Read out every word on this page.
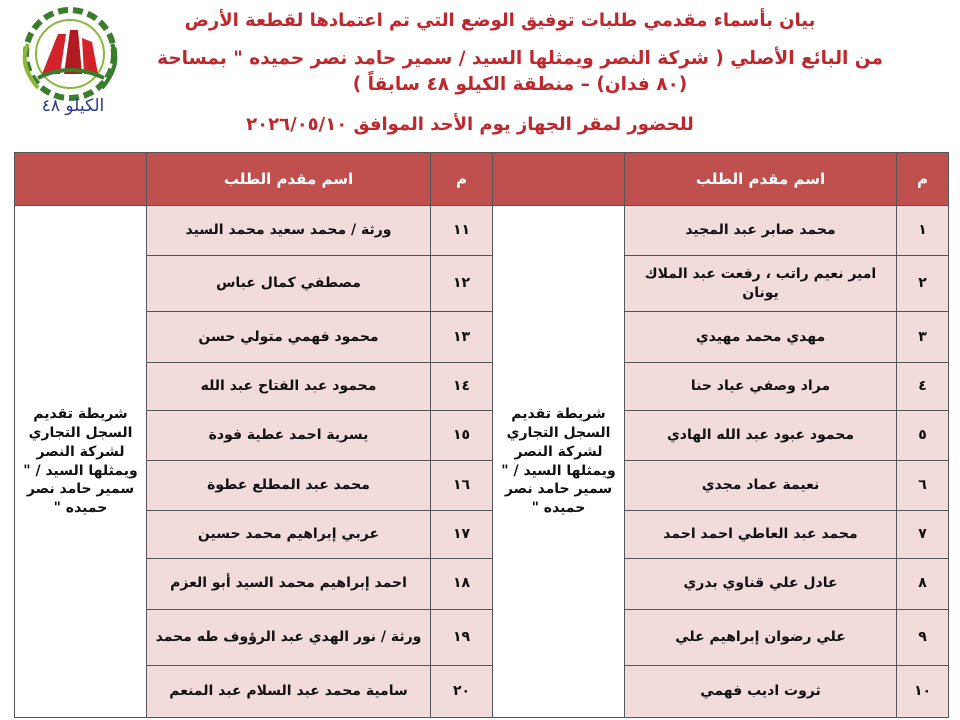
الكيلو ٤٨
بيان بأسماء مقدمي طلبات توفيق الوضع التي تم اعتمادها لقطعة الأرض
من البائع الأصلي ( شركة النصر ويمثلها السيد / سمير حامد نصر حميده " بمساحة
(٨٠ فدان) – منطقة الكيلو ٤٨ سابقاً )
للحضور لمقر الجهاز يوم الأحد الموافق ٢٠٢٦/٠٥/١٠
م	اسم مقدم الطلب		م	اسم مقدم الطلب	
١	محمد صابر عبد المجيد	شريطة تقديم السجل التجاري لشركة النصر ويمثلها السيد / " سمير حامد نصر حميده "	١١	ورثة / محمد سعيد محمد السيد	شريطة تقديم السجل التجاري لشركة النصر ويمثلها السيد / " سمير حامد نصر حميده "
٢	امير نعيم راتب ، رفعت عبد الملاك يونان		١٢	مصطفي كمال عباس	
٣	مهدي محمد مهيدي		١٣	محمود فهمي متولي حسن	
٤	مراد وصفي عياد حنا		١٤	محمود عبد الفتاح عبد الله	
٥	محمود عبود عبد الله الهادي		١٥	يسرية احمد عطية فودة	
٦	نعيمة عماد مجدي		١٦	محمد عبد المطلع عطوة	
٧	محمد عبد العاطي احمد احمد		١٧	عربي إبراهيم محمد حسين	
٨	عادل علي قناوي بدري		١٨	احمد إبراهيم محمد السيد أبو العزم	
٩	علي رضوان إبراهيم علي		١٩	ورثة / نور الهدي عبد الرؤوف طه محمد	
١٠	ثروت اديب فهمي		٢٠	سامية محمد عبد السلام عبد المنعم	
